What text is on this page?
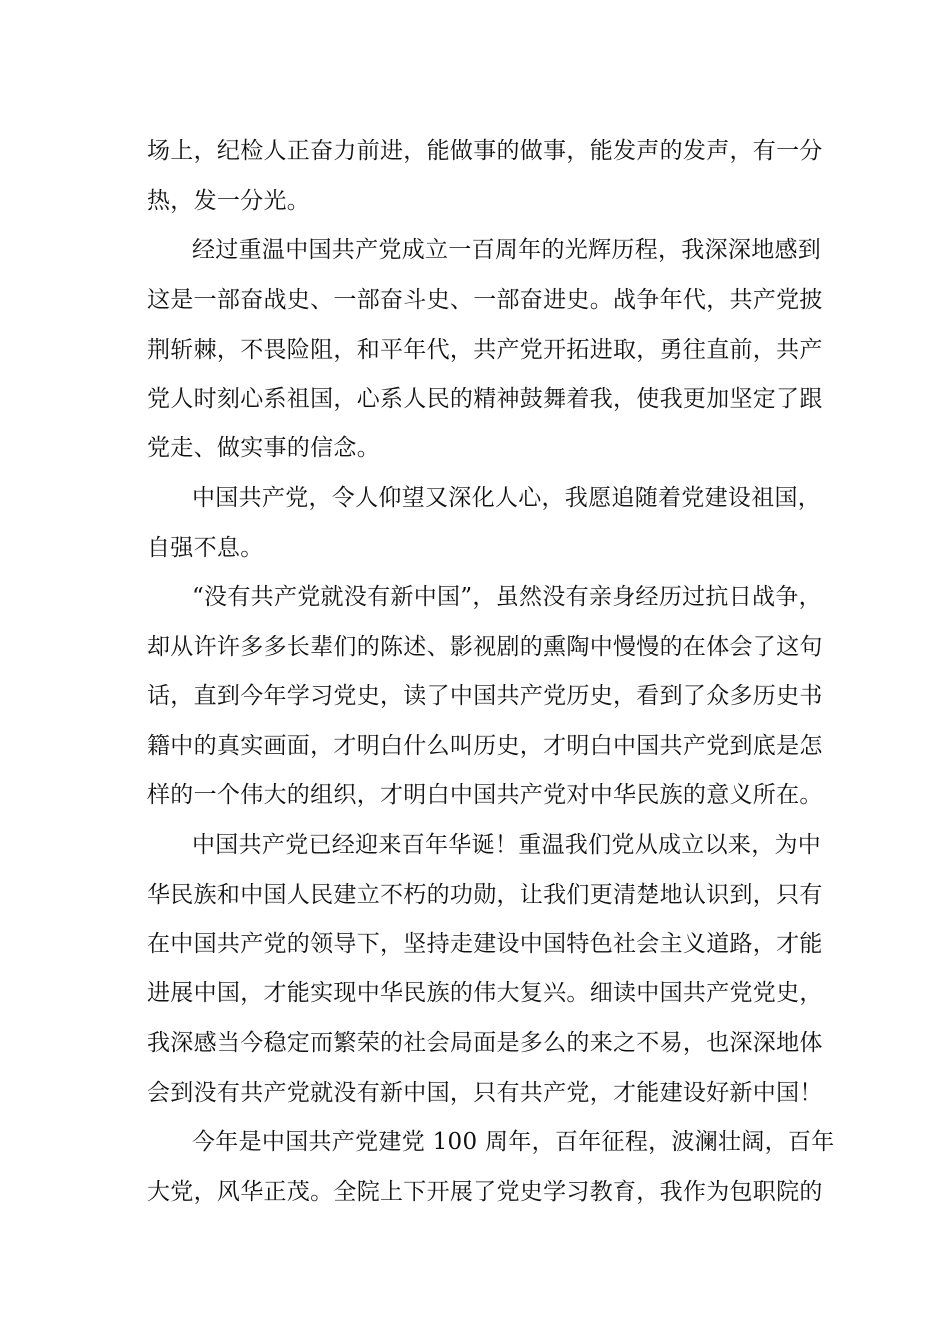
场上，纪检人正奋力前进，能做事的做事，能发声的发声，有一分
热，发一分光。
经过重温中国共产党成立一百周年的光辉历程，我深深地感到
这是一部奋战史、一部奋斗史、一部奋进史。战争年代，共产党披
荆斩棘，不畏险阻，和平年代，共产党开拓进取，勇往直前，共产
党人时刻心系祖国，心系人民的精神鼓舞着我，使我更加坚定了跟
党走、做实事的信念。
中国共产党，令人仰望又深化人心，我愿追随着党建设祖国，
自强不息。
“没有共产党就没有新中国”，虽然没有亲身经历过抗日战争，
却从许许多多长辈们的陈述、影视剧的熏陶中慢慢的在体会了这句
话，直到今年学习党史，读了中国共产党历史，看到了众多历史书
籍中的真实画面，才明白什么叫历史，才明白中国共产党到底是怎
样的一个伟大的组织，才明白中国共产党对中华民族的意义所在。
中国共产党已经迎来百年华诞！重温我们党从成立以来，为中
华民族和中国人民建立不朽的功勋，让我们更清楚地认识到，只有
在中国共产党的领导下，坚持走建设中国特色社会主义道路，才能
进展中国，才能实现中华民族的伟大复兴。细读中国共产党党史，
我深感当今稳定而繁荣的社会局面是多么的来之不易，也深深地体
会到没有共产党就没有新中国，只有共产党，才能建设好新中国！
今年是中国共产党建党 100 周年，百年征程，波澜壮阔，百年
大党，风华正茂。全院上下开展了党史学习教育，我作为包职院的
